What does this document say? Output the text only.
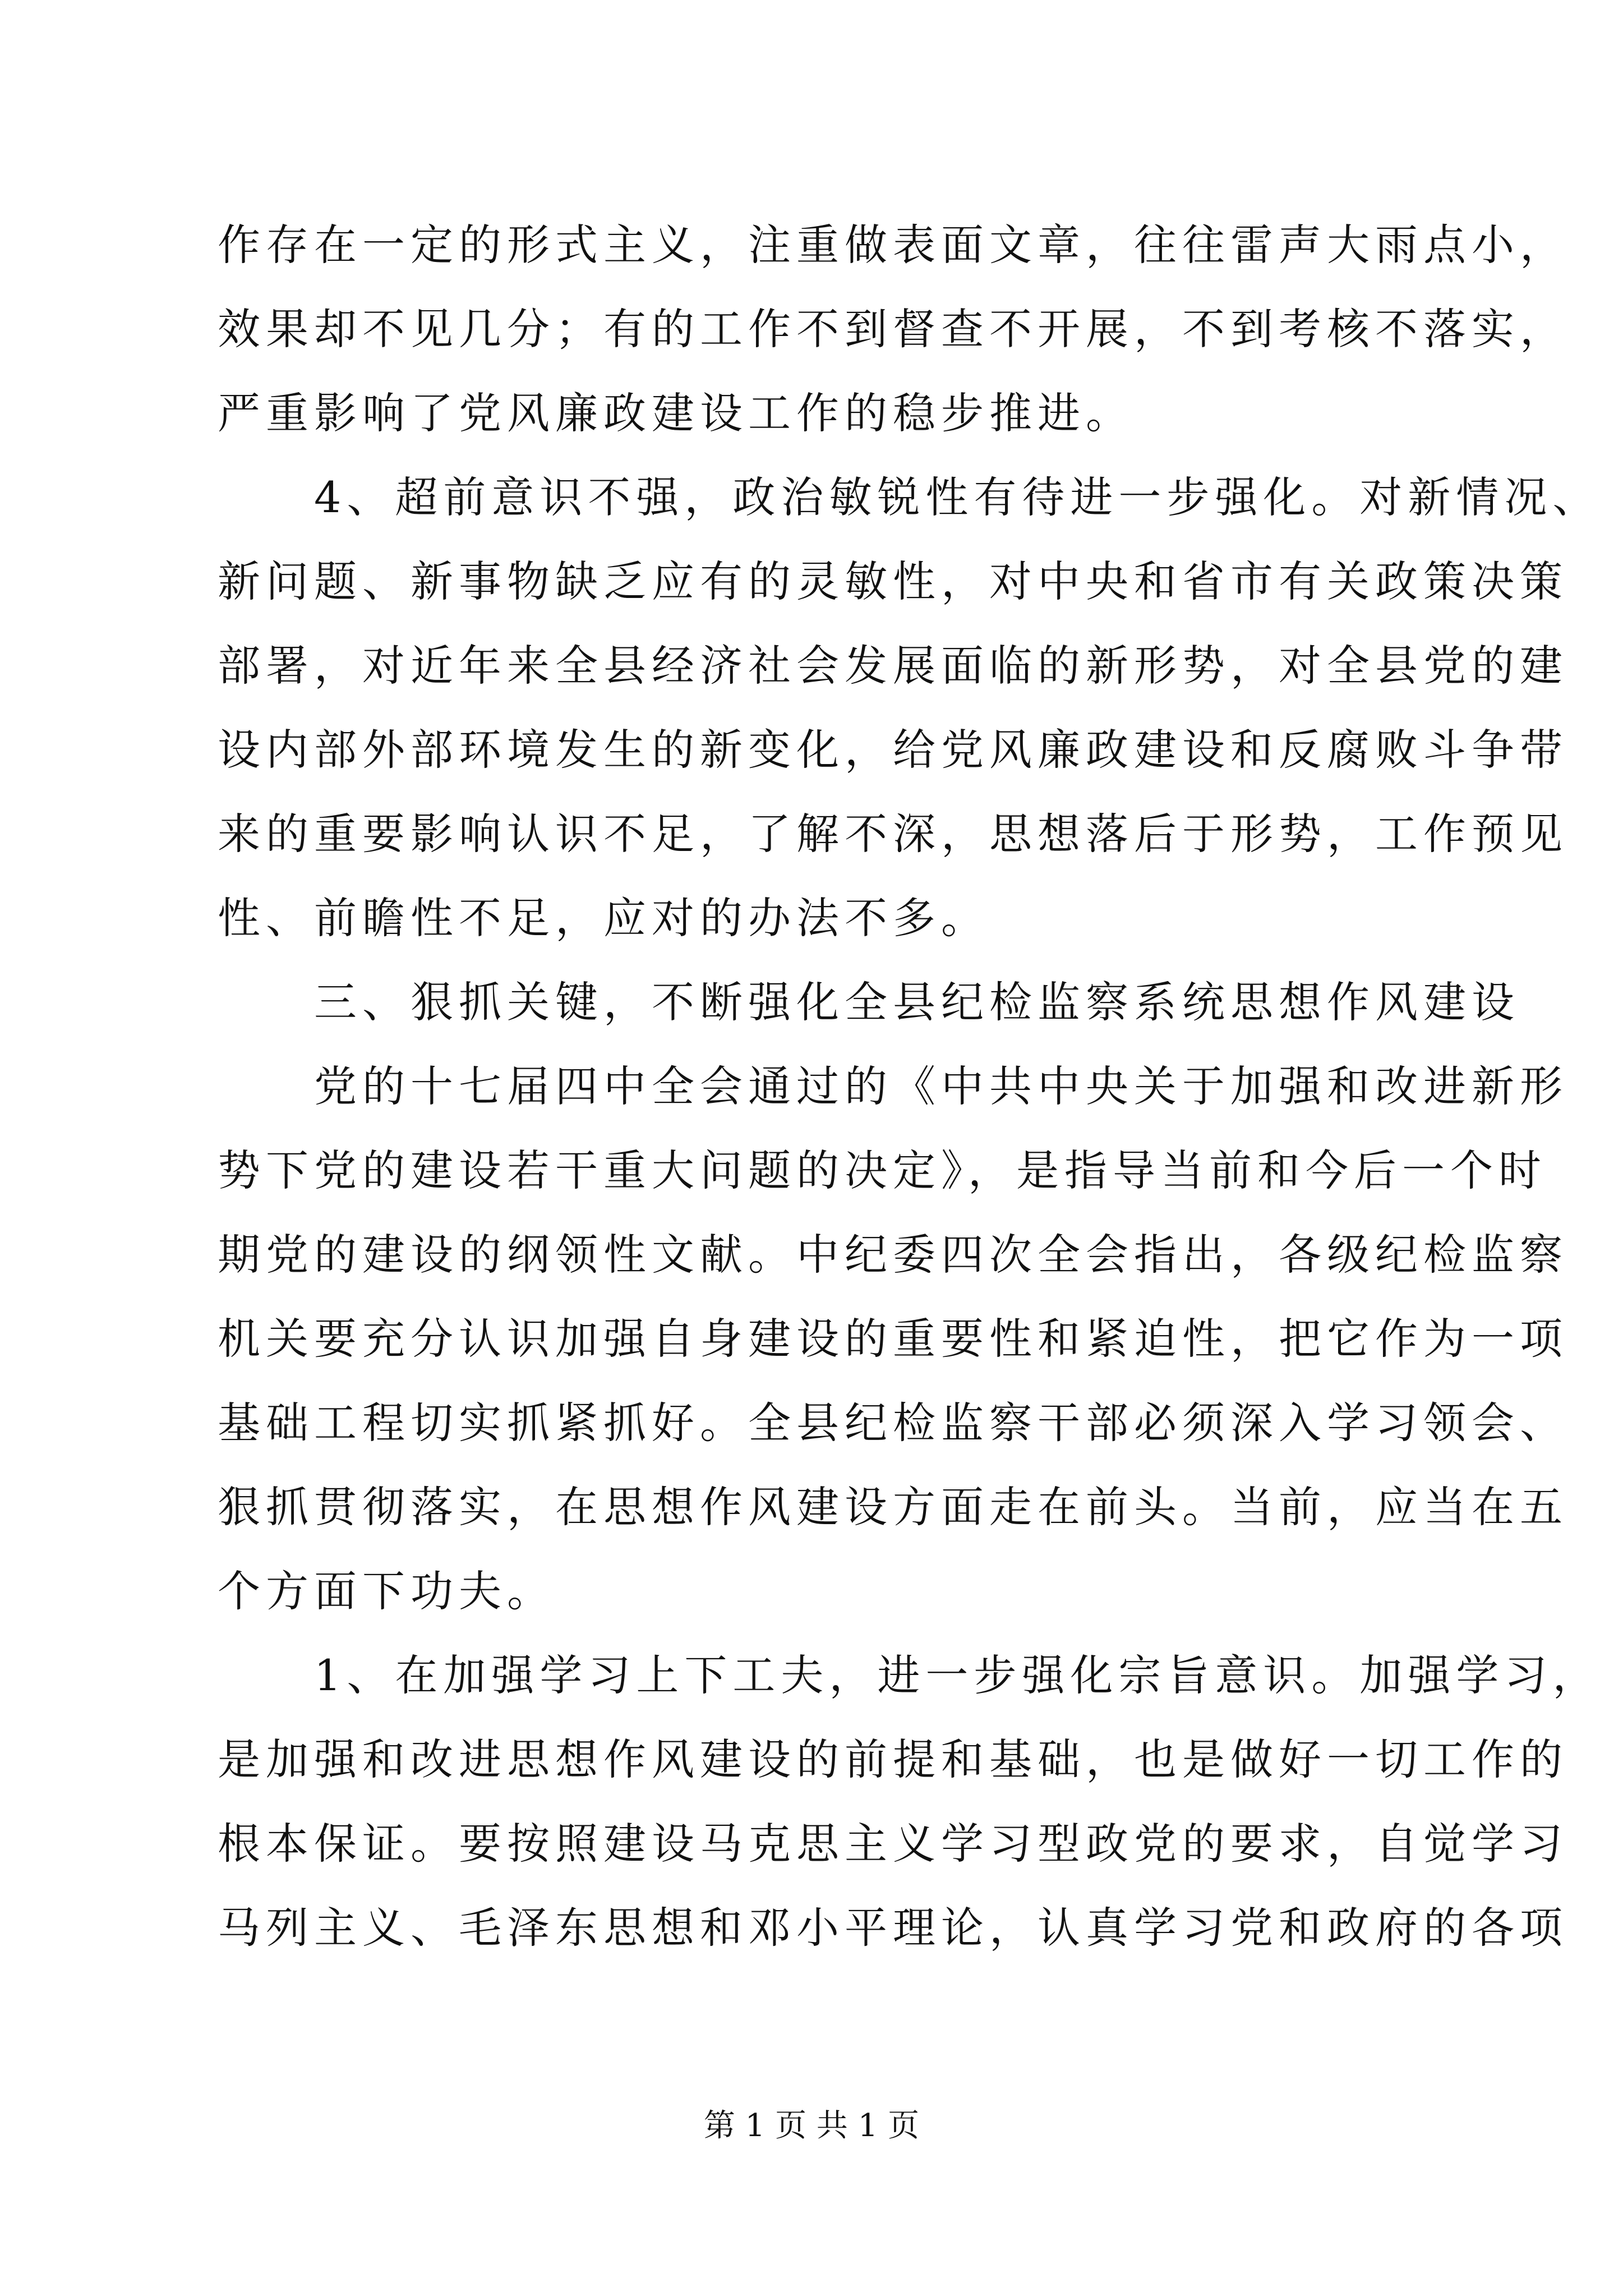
作存在一定的形式主义，注重做表面文章，往往雷声大雨点小，
效果却不见几分；有的工作不到督查不开展，不到考核不落实，
严重影响了党风廉政建设工作的稳步推进。
　　4、超前意识不强，政治敏锐性有待进一步强化。对新情况、
新问题、新事物缺乏应有的灵敏性，对中央和省市有关政策决策
部署，对近年来全县经济社会发展面临的新形势，对全县党的建
设内部外部环境发生的新变化，给党风廉政建设和反腐败斗争带
来的重要影响认识不足，了解不深，思想落后于形势，工作预见
性、前瞻性不足，应对的办法不多。
　　三、狠抓关键，不断强化全县纪检监察系统思想作风建设
　　党的十七届四中全会通过的《中共中央关于加强和改进新形
势下党的建设若干重大问题的决定》，是指导当前和今后一个时
期党的建设的纲领性文献。中纪委四次全会指出，各级纪检监察
机关要充分认识加强自身建设的重要性和紧迫性，把它作为一项
基础工程切实抓紧抓好。全县纪检监察干部必须深入学习领会、
狠抓贯彻落实，在思想作风建设方面走在前头。当前，应当在五
个方面下功夫。
　　1、在加强学习上下工夫，进一步强化宗旨意识。加强学习，
是加强和改进思想作风建设的前提和基础，也是做好一切工作的
根本保证。要按照建设马克思主义学习型政党的要求，自觉学习
马列主义、毛泽东思想和邓小平理论，认真学习党和政府的各项
第 1 页 共 1 页
